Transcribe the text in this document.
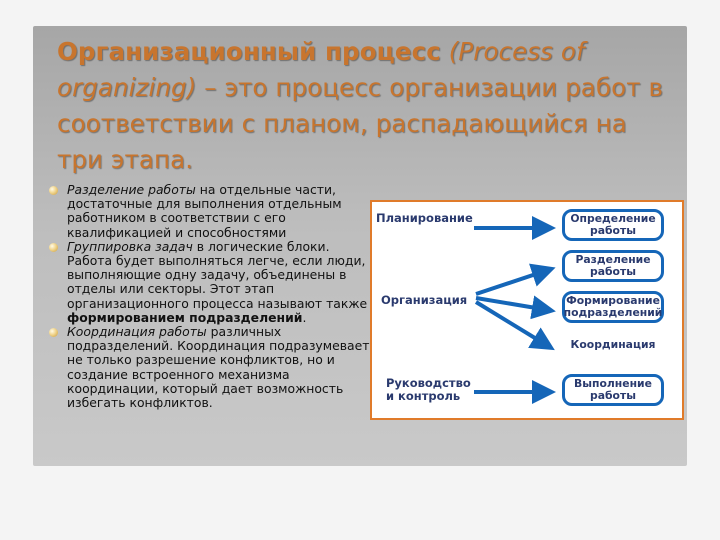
Организационный процесс (Process of organizing) – это процесс организации работ в соответствии с планом, распадающийся на три этапа.
Разделение работы на отдельные части, достаточные для выполнения отдельным работником в соответствии с его квалификацией и способностями
Группировка задач в логические блоки. Работа будет выполняться легче, если люди, выполняющие одну задачу, объединены в отделы или секторы. Этот этап организационного процесса называют также формированием подразделений.
Координация работы различных подразделений. Координация подразумевает не только разрешение конфликтов, но и создание встроенного механизма координации, который дает возможность избегать конфликтов.
Планирование
Организация
Руководство и контроль
Определение работы
Разделение работы
Формирование подразделений
Координация
Выполнение работы
